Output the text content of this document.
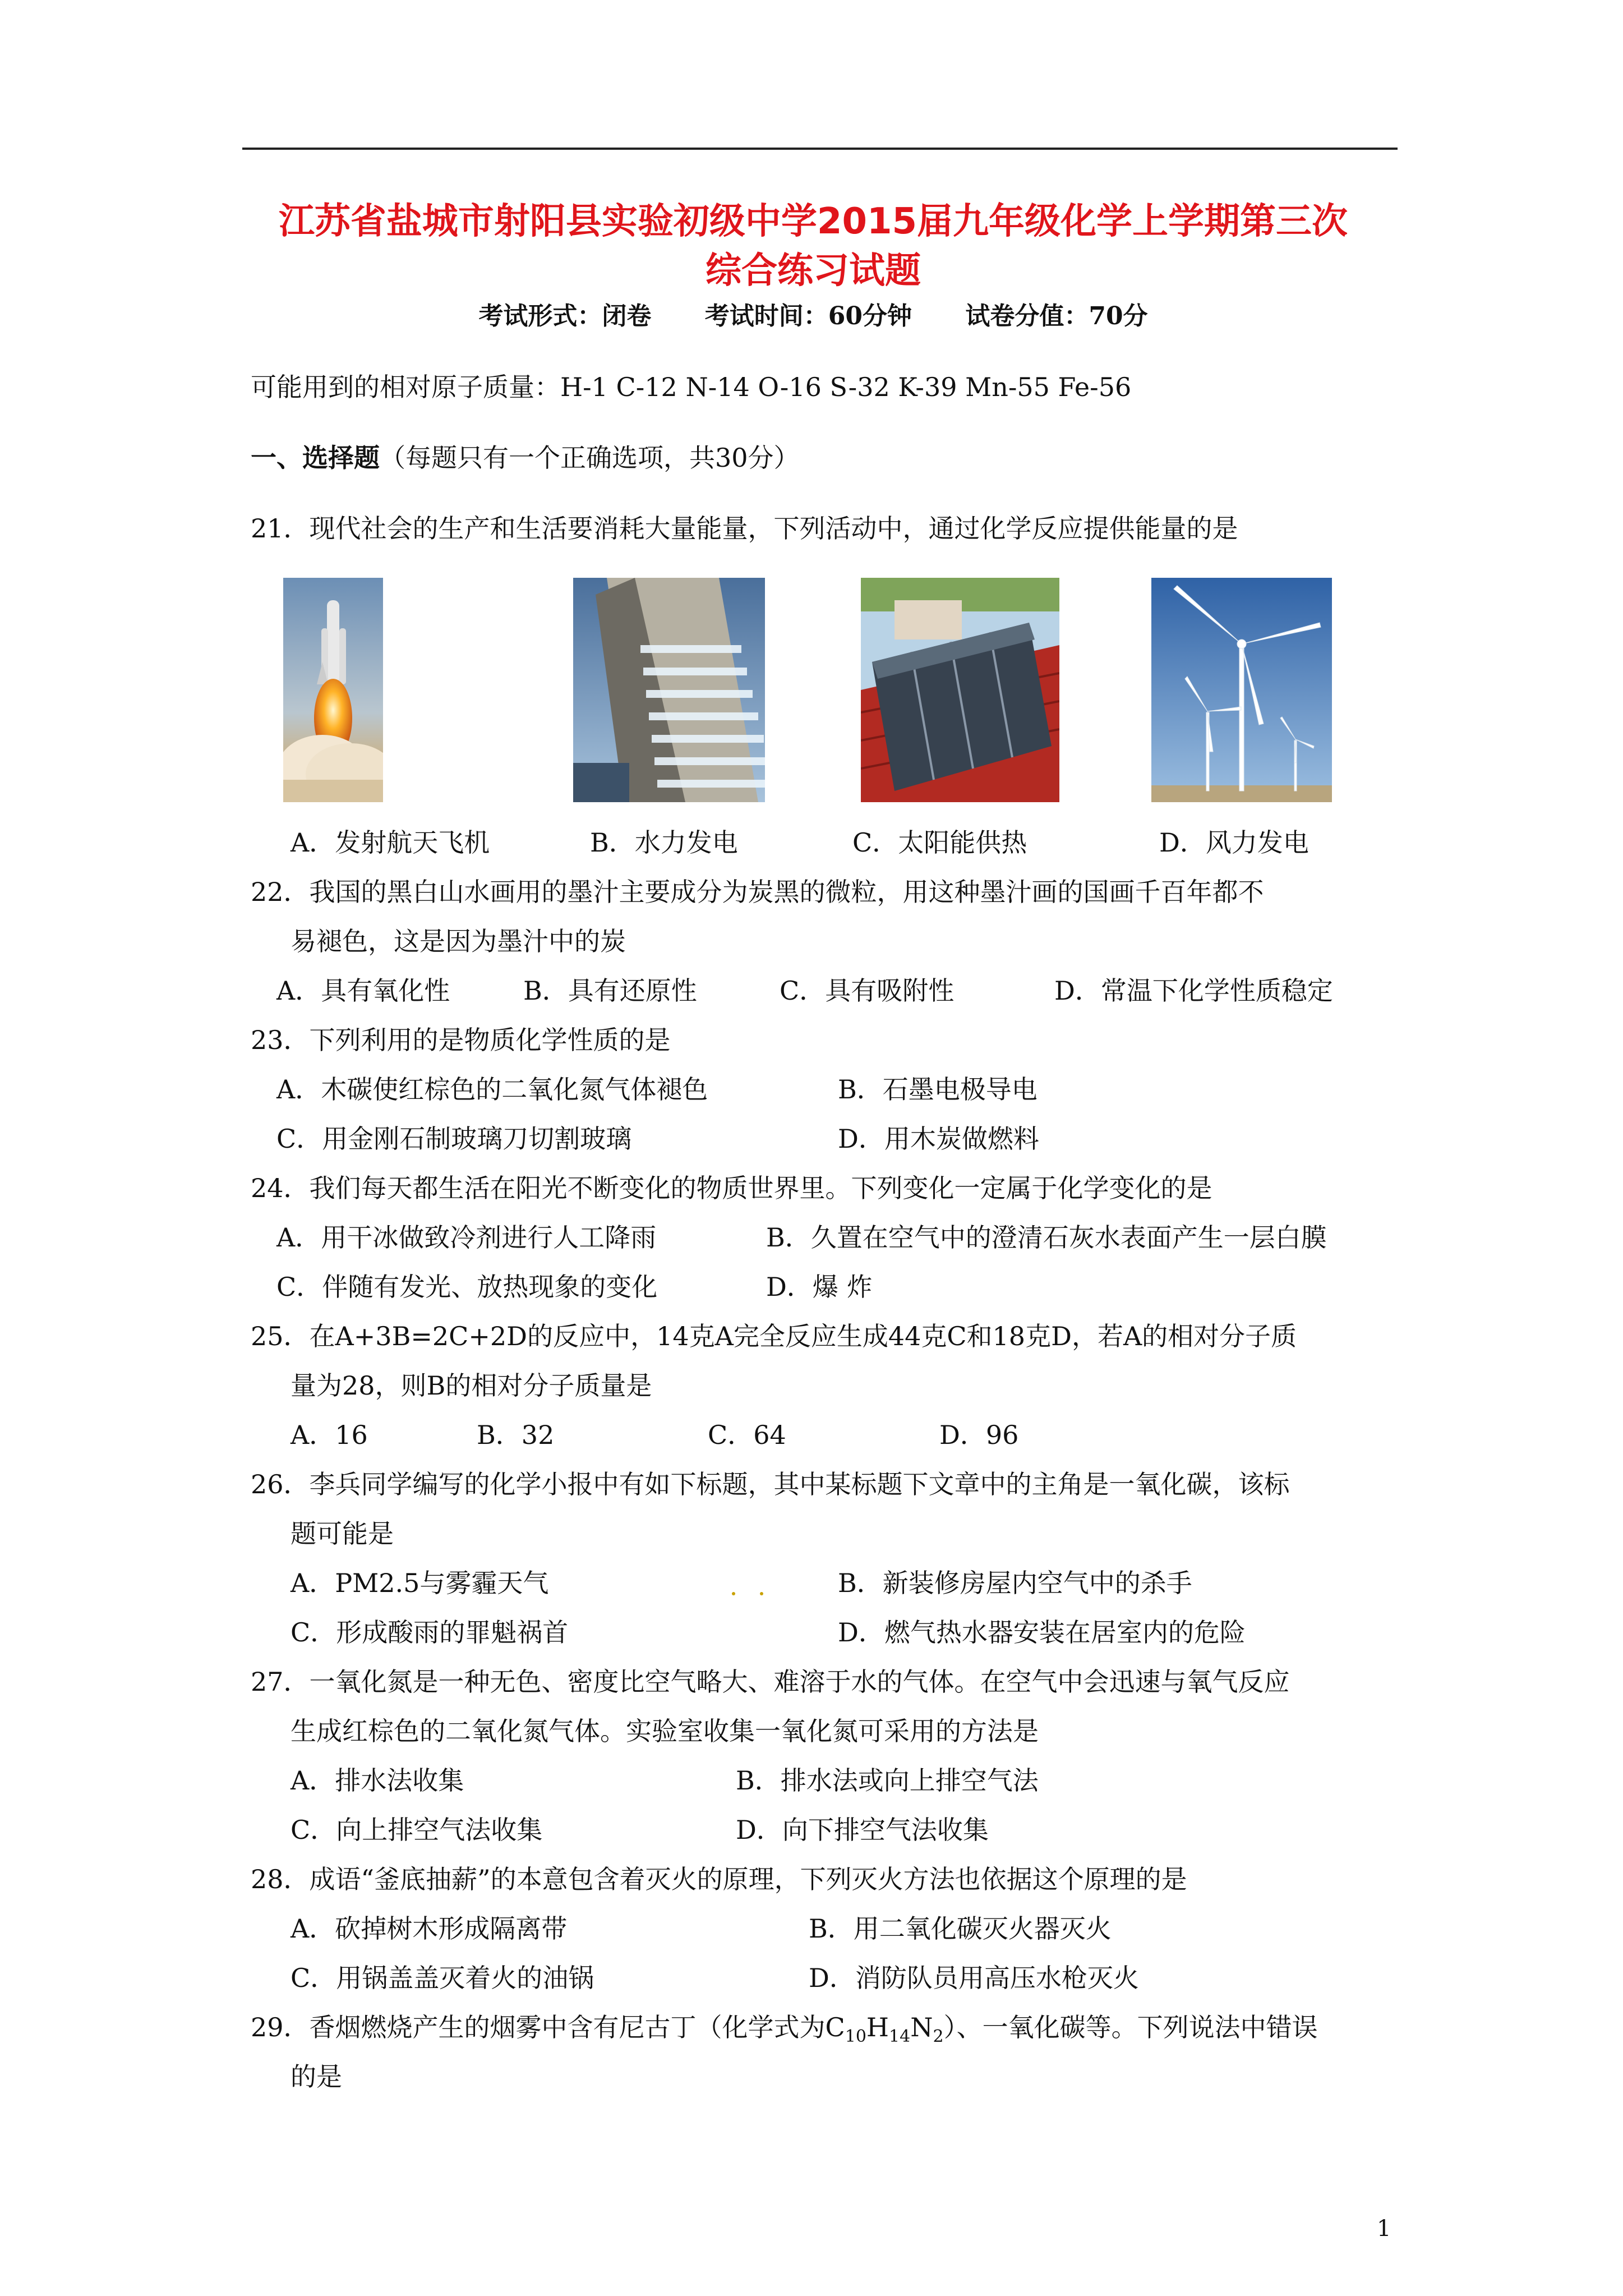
江苏省盐城市射阳县实验初级中学2015届九年级化学上学期第三次
综合练习试题
考试形式：闭卷 考试时间：60分钟 试卷分值：70分
可能用到的相对原子质量：H-1 C-12 N-14 O-16 S-32 K-39 Mn-55 Fe-56
一、选择题（每题只有一个正确选项，共30分）
21．现代社会的生产和生活要消耗大量能量，下列活动中，通过化学反应提供能量的是
A．发射航天飞机	B．水力发电	C．太阳能供热	D．风力发电
22．我国的黑白山水画用的墨汁主要成分为炭黑的微粒，用这种墨汁画的国画千百年都不
易褪色，这是因为墨汁中的炭
A．具有氧化性	B．具有还原性	C．具有吸附性	D．常温下化学性质稳定
23．下列利用的是物质化学性质的是
A．木碳使红棕色的二氧化氮气体褪色	B．石墨电极导电
C．用金刚石制玻璃刀切割玻璃	D．用木炭做燃料
24．我们每天都生活在阳光不断变化的物质世界里。下列变化一定属于化学变化的是
A．用干冰做致冷剂进行人工降雨	B．久置在空气中的澄清石灰水表面产生一层白膜
C．伴随有发光、放热现象的变化	D．爆 炸
25．在A+3B=2C+2D的反应中，14克A完全反应生成44克C和18克D，若A的相对分子质
量为28，则B的相对分子质量是
A．16	B．32	C．64	D．96
26．李兵同学编写的化学小报中有如下标题，其中某标题下文章中的主角是一氧化碳，该标
题可能是
A．PM2.5与雾霾天气	B．新装修房屋内空气中的杀手
C．形成酸雨的罪魁祸首	D．燃气热水器安装在居室内的危险
27．一氧化氮是一种无色、密度比空气略大、难溶于水的气体。在空气中会迅速与氧气反应
生成红棕色的二氧化氮气体。实验室收集一氧化氮可采用的方法是
A．排水法收集	B．排水法或向上排空气法
C．向上排空气法收集	D．向下排空气法收集
28．成语“釜底抽薪”的本意包含着灭火的原理，下列灭火方法也依据这个原理的是
A．砍掉树木形成隔离带	B．用二氧化碳灭火器灭火
C．用锅盖盖灭着火的油锅	D．消防队员用高压水枪灭火
29．香烟燃烧产生的烟雾中含有尼古丁（化学式为$C_{10}H_{14}N_2$）、一氧化碳等。下列说法中错误
的是
1
